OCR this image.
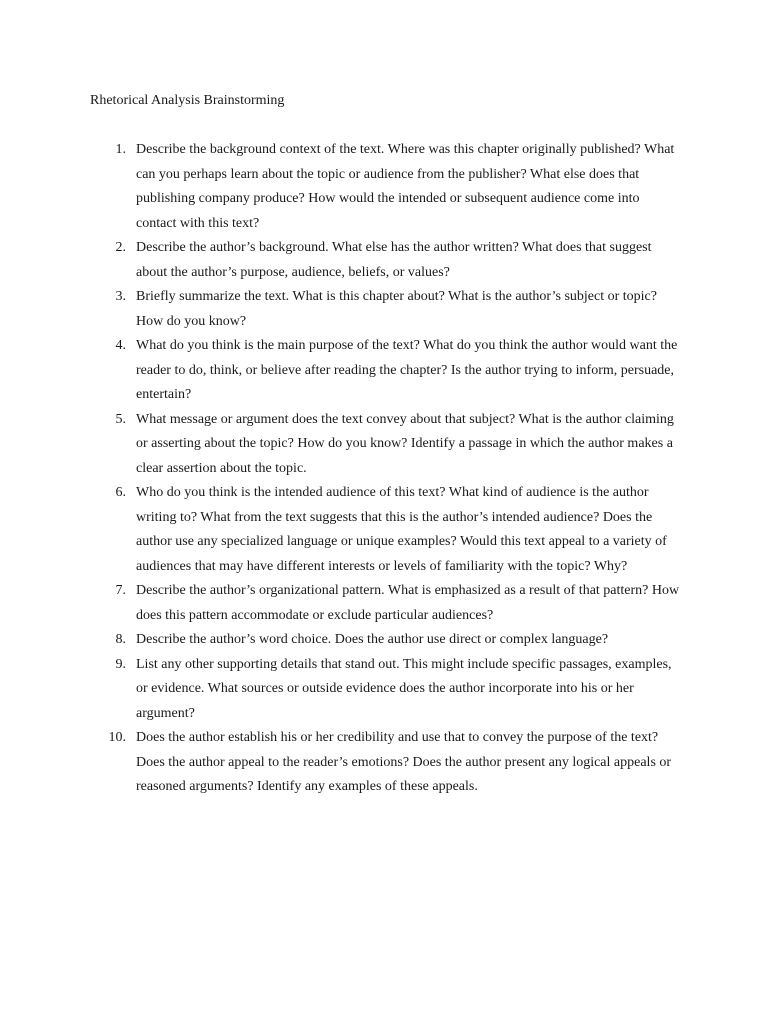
Rhetorical Analysis Brainstorming
1. Describe the background context of the text. Where was this chapter originally published? What can you perhaps learn about the topic or audience from the publisher? What else does that publishing company produce? How would the intended or subsequent audience come into contact with this text?
2. Describe the author’s background. What else has the author written? What does that suggest about the author’s purpose, audience, beliefs, or values?
3. Briefly summarize the text. What is this chapter about? What is the author’s subject or topic? How do you know?
4. What do you think is the main purpose of the text? What do you think the author would want the reader to do, think, or believe after reading the chapter? Is the author trying to inform, persuade, entertain?
5. What message or argument does the text convey about that subject? What is the author claiming or asserting about the topic? How do you know? Identify a passage in which the author makes a clear assertion about the topic.
6. Who do you think is the intended audience of this text? What kind of audience is the author writing to? What from the text suggests that this is the author’s intended audience? Does the author use any specialized language or unique examples? Would this text appeal to a variety of audiences that may have different interests or levels of familiarity with the topic? Why?
7. Describe the author’s organizational pattern. What is emphasized as a result of that pattern? How does this pattern accommodate or exclude particular audiences?
8. Describe the author’s word choice. Does the author use direct or complex language?
9. List any other supporting details that stand out. This might include specific passages, examples, or evidence. What sources or outside evidence does the author incorporate into his or her argument?
10. Does the author establish his or her credibility and use that to convey the purpose of the text? Does the author appeal to the reader’s emotions? Does the author present any logical appeals or reasoned arguments? Identify any examples of these appeals.
